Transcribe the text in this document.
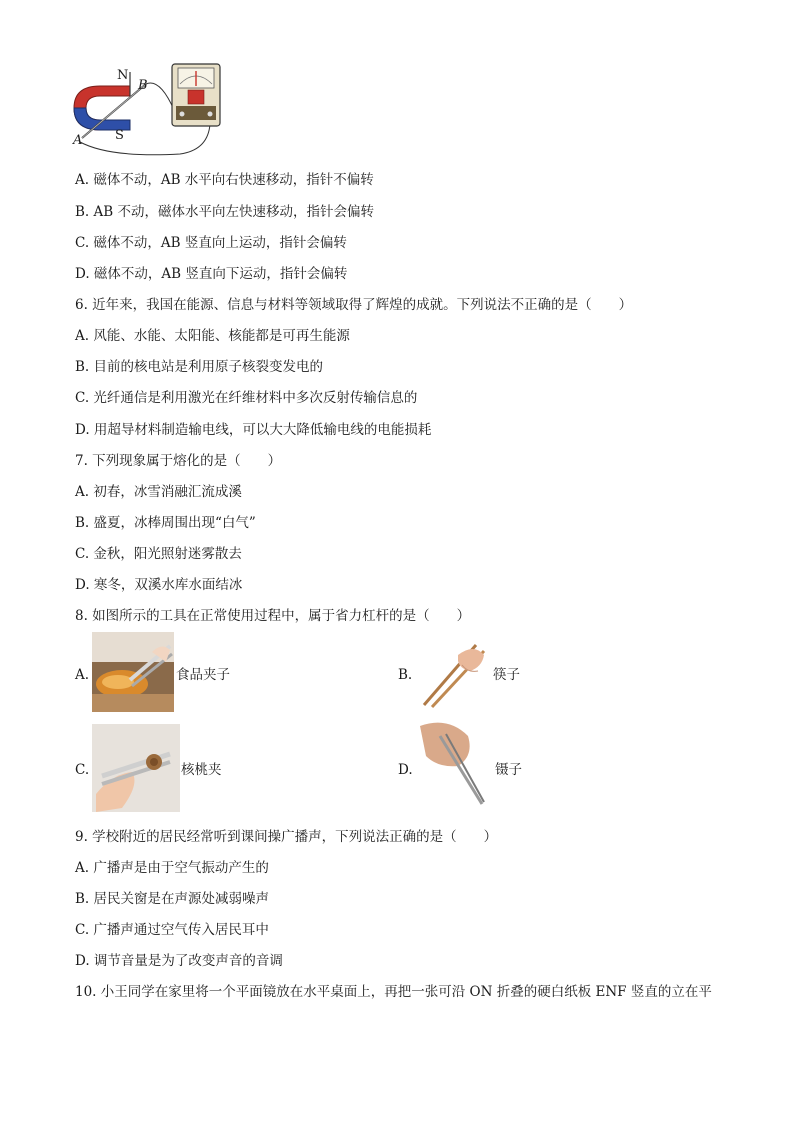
N
B
S
A
A. 磁体不动，AB 水平向右快速移动，指针不偏转
B. AB 不动，磁体水平向左快速移动，指针会偏转
C. 磁体不动，AB 竖直向上运动，指针会偏转
D. 磁体不动，AB 竖直向下运动，指针会偏转
6. 近年来，我国在能源、信息与材料等领域取得了辉煌的成就。下列说法不正确的是（　　）
A. 风能、水能、太阳能、核能都是可再生能源
B. 目前的核电站是利用原子核裂变发电的
C. 光纤通信是利用激光在纤维材料中多次反射传输信息的
D. 用超导材料制造输电线，可以大大降低输电线的电能损耗
7. 下列现象属于熔化的是（　　）
A. 初春，冰雪消融汇流成溪
B. 盛夏，冰棒周围出现“白气”
C. 金秋，阳光照射迷雾散去
D. 寒冬，双溪水库水面结冰
8. 如图所示的工具在正常使用过程中，属于省力杠杆的是（　　）
A.	食品夹子	B.	筷子
C.	核桃夹	D.	镊子
9. 学校附近的居民经常听到课间操广播声，下列说法正确的是（　　）
A. 广播声是由于空气振动产生的
B. 居民关窗是在声源处减弱噪声
C. 广播声通过空气传入居民耳中
D. 调节音量是为了改变声音的音调
10. 小王同学在家里将一个平面镜放在水平桌面上，再把一张可沿 ON 折叠的硬白纸板 ENF 竖直的立在平
